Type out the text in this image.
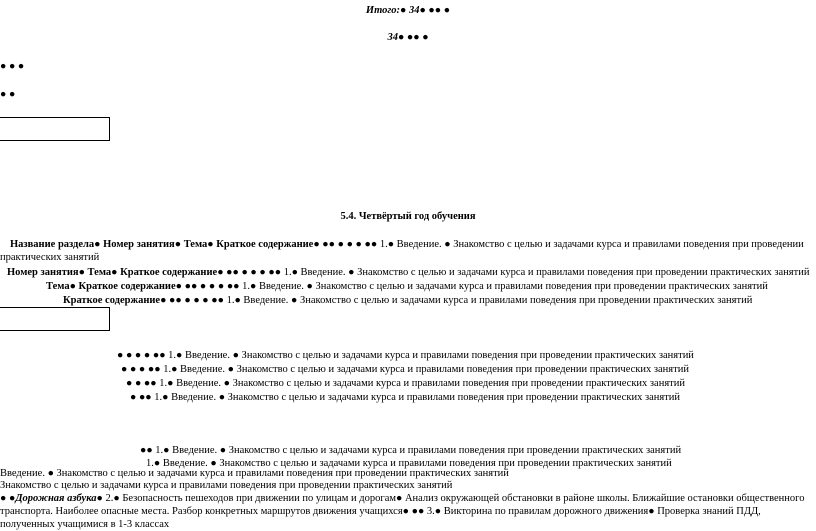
Итого:● 34● ●● ●
34● ●● ●
● ● ●
● ●
5.4. Четвёртый год обучения
Название раздела● Номер занятия● Тема● Краткое содержание● ●● ● ● ● ●● 1.● Введение. ● Знакомство с целью и задачами курса и правилами поведения при проведении
практических занятий
Номер занятия● Тема● Краткое содержание● ●● ● ● ● ●● 1.● Введение. ● Знакомство с целью и задачами курса и правилами поведения при проведении практических занятий
Тема● Краткое содержание● ●● ● ● ● ●● 1.● Введение. ● Знакомство с целью и задачами курса и правилами поведения при проведении практических занятий
Краткое содержание● ●● ● ● ● ●● 1.● Введение. ● Знакомство с целью и задачами курса и правилами поведения при проведении практических занятий
● ● ● ● ●● 1.● Введение. ● Знакомство с целью и задачами курса и правилами поведения при проведении практических занятий
● ● ● ●● 1.● Введение. ● Знакомство с целью и задачами курса и правилами поведения при проведении практических занятий
● ● ●● 1.● Введение. ● Знакомство с целью и задачами курса и правилами поведения при проведении практических занятий
● ●● 1.● Введение. ● Знакомство с целью и задачами курса и правилами поведения при проведении практических занятий
●● 1.● Введение. ● Знакомство с целью и задачами курса и правилами поведения при проведении практических занятий
1.● Введение. ● Знакомство с целью и задачами курса и правилами поведения при проведении практических занятий
Введение. ● Знакомство с целью и задачами курса и правилами поведения при проведении практических занятий
Знакомство с целью и задачами курса и правилами поведения при проведении практических занятий
● ●Дорожная азбука● 2.● Безопасность пешеходов при движении по улицам и дорогам● Анализ окружающей обстановки в районе школы. Ближайшие остановки общественного
транспорта. Наиболее опасные места. Разбор конкретных маршрутов движения учащихся● ●● 3.● Викторина по правилам дорожного движения● Проверка знаний ПДД,
полученных учащимися в 1-3 классах
